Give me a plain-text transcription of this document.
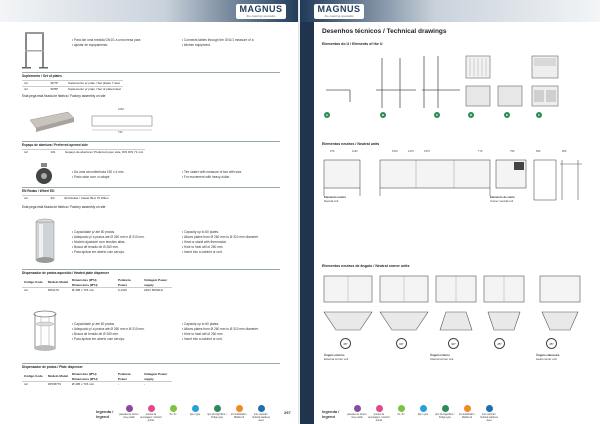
MAGNUS
the catering specialist
• Para dar uma medida GN1/1 a uma mesa para
• ajustar de equipamento.
• Connects tables through the GN1/1 measure of a
• kitchen equipment.
Suplemento / Set of plates
ref.	SP7P	Suplemento p/ prato / Set plates 7 dest
ref.	SP8P	Suplemento p/ prato / Set of plated dest
Esta pega está fixada de fábrica / Factory assembly on site
1050
730
Espaço de abertura / Preferred opened side
ref.	131	Espaço de abertura / Preferred open side, DIN DIN 71 mm
• Da uma circunferência 150 x 4 mm.
• Para rodar com o rodapé.
• Tire caster with measure of two with size.
• For movement with heavy dollar.
EN Rodas / Wheel ED
ref.	3/3	EN Rodas / Caster BLA 76 Wilon
Esta pega está fixada de fábrica / Factory assembly on site
• Capacidade p/ até 60 pratos.
• Adequado p/ a pratos até Ø 260 mm e Ø 310 mm.
• Modelo ajustável com tensões altas.
• Busca de tensão de Ø 260 mm.
• Para aplicar em aberto com serviço.
• Capacity up to 60 plates.
• Allows plates from Ø 260 mm to Ø 310 mm diameter.
• Heat or stand with thermostat.
• Hole to heat will of 260 mm.
• Insert into a cabinet or unit.
Dispensador de pratos aquecido / Heated plate dispenser
Código Code	Modelo Model	Dimensões (Ø*H) Dimensions (Ø*H)	Potência Power	Voltagem Power supply
ref.	DPA170	Ø 495 x 715 mm	0,14W	220V 50/60Hz
• Capacidade p/ até 60 pratos.
• Adequado p/ a pratos até Ø 260 mm e Ø 310 mm.
• Busca de tensão de Ø 260 mm.
• Para aplicar em aberto com serviço.
• Capacity up to 60 plates.
• Allows plates from Ø 260 mm to Ø 310 mm diameter.
• Hole to heat will of 260 mm.
• Insert into a cabinet or unit.
Dispensador de pratos / Plate dispenser
Código Code	Modelo Model	Dimensões (Ø*H) Dimensions (Ø*H)	Potência Power	Voltagem Power supply
ref.	DPFB770	Ø 495 x 715 mm	-	-
legenda / legend	paredes de cinza / Grey walls
pontos de ancoragem / Anchor points
fix / fix	tipo / type	tipo de frigorífico / Fridge type
kit mobilizado / Mobile kit
inox vertical / Vertical stainless steel
297
MAGNUS
the catering specialist
Desenhos técnicos / Technical drawings
Elementos do U / Elements of the U
A	B	C	D	E	F
Elementos neutros / Neutral units
970	1160	1510	1470	1570	770	750	650	900
Elemento neutro
Neutral unit
Elemento de canto
Corner neutral unit
Elementos neutros de ângulo / Neutral corner units
45°	60°	90°	45°	45°
Ângulo externo
External corner unit
Ângulo interno
Internal corner unit
Ângulo cabeceira
Head corner unit
302	legenda / legend	paredes de cinza / Grey walls
pontos de ancoragem / Anchor points
fix / fix	tipo / type	tipo de frigorífico / Fridge type
kit mobilizado / Mobile kit
inox vertical / Vertical stainless steel
